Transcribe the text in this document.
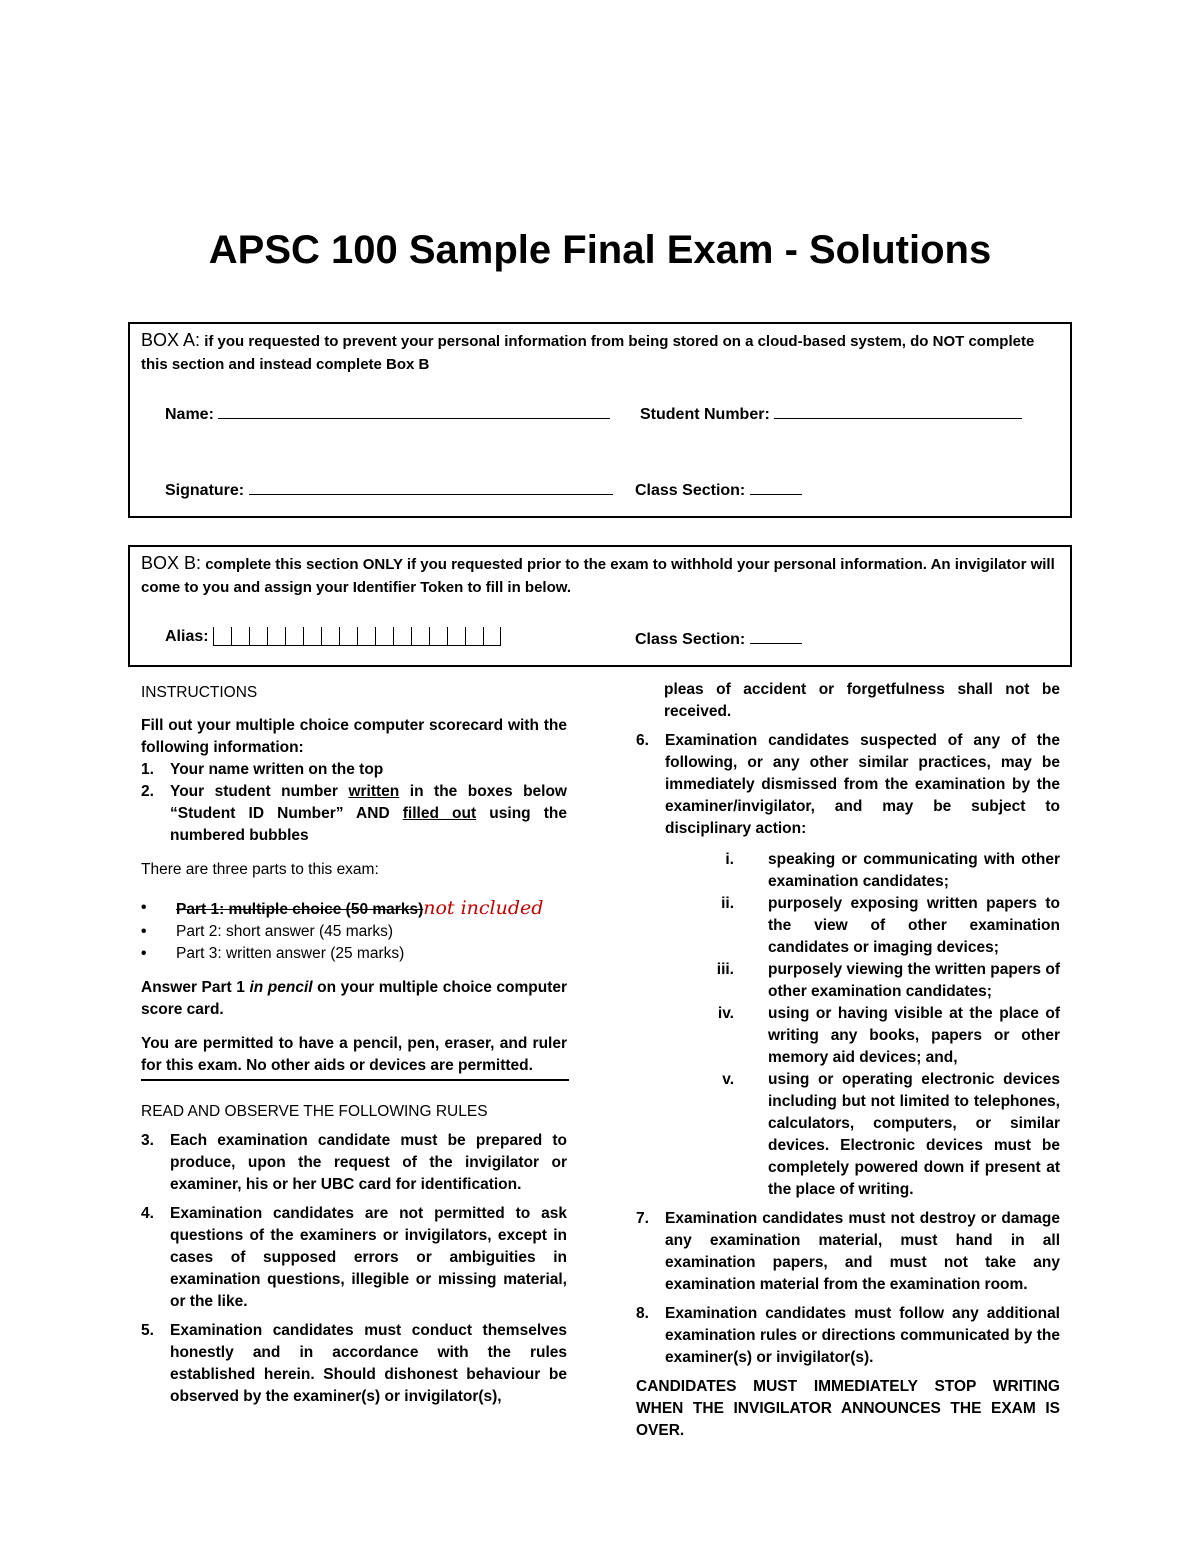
APSC 100 Sample Final Exam - Solutions
BOX A: if you requested to prevent your personal information from being stored on a cloud-based system, do NOT complete this section and instead complete Box B
Name:	Student Number:
Signature:	Class Section:
BOX B: complete this section ONLY if you requested prior to the exam to withhold your personal information. An invigilator will come to you and assign your Identifier Token to fill in below.
Alias:	Class Section:

INSTRUCTIONS

Fill out your multiple choice computer scorecard with the following information:

1.	Your name written on the top
2.	Your student number written in the boxes below “Student ID Number” AND filled out using the numbered bubbles

There are three parts to this exam:

•	Part 1: multiple choice (50 marks)not included
•	Part 2: short answer (45 marks)
•	Part 3: written answer (25 marks)

Answer Part 1 in pencil on your multiple choice computer score card.

You are permitted to have a pencil, pen, eraser, and ruler for this exam. No other aids or devices are permitted.

READ AND OBSERVE THE FOLLOWING RULES

3.	Each examination candidate must be prepared to produce, upon the request of the invigilator or examiner, his or her UBC card for identification.
4.	Examination candidates are not permitted to ask questions of the examiners or invigilators, except in cases of supposed errors or ambiguities in examination questions, illegible or missing material, or the like.
5.	Examination candidates must conduct themselves honestly and in accordance with the rules established herein. Should dishonest behaviour be observed by the examiner(s) or invigilator(s),

pleas of accident or forgetfulness shall not be received.

6.	Examination candidates suspected of any of the following, or any other similar practices, may be immediately dismissed from the examination by the examiner/invigilator, and may be subject to disciplinary action:
i. speaking or communicating with other examination candidates;
ii. purposely exposing written papers to the view of other examination candidates or imaging devices;
iii. purposely viewing the written papers of other examination candidates;
iv. using or having visible at the place of writing any books, papers or other memory aid devices; and,
v. using or operating electronic devices including but not limited to telephones, calculators, computers, or similar devices. Electronic devices must be completely powered down if present at the place of writing.
7.	Examination candidates must not destroy or damage any examination material, must hand in all examination papers, and must not take any examination material from the examination room.
8.	Examination candidates must follow any additional examination rules or directions communicated by the examiner(s) or invigilator(s).

CANDIDATES MUST IMMEDIATELY STOP WRITING WHEN THE INVIGILATOR ANNOUNCES THE EXAM IS OVER.
